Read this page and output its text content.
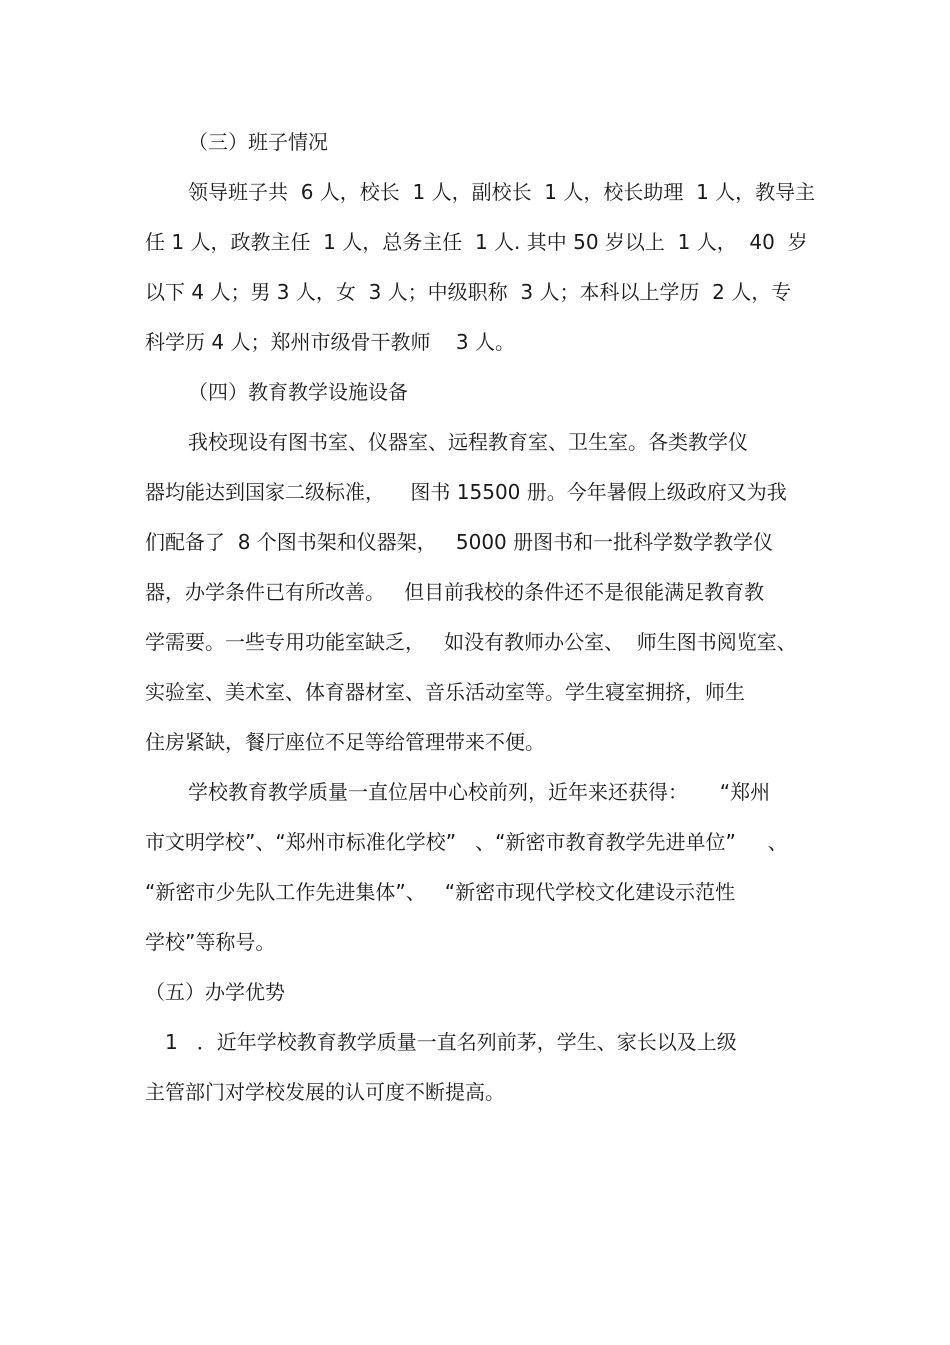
（三）班子情况
领导班子共  6 人，校长  1 人，副校长  1 人，校长助理  1 人，教导主
任 1 人，政教主任  1 人，总务主任  1 人. 其中 50 岁以上  1 人，  40  岁
以下 4 人；男 3 人，女  3 人；中级职称  3 人；本科以上学历  2 人，专
科学历 4 人；郑州市级骨干教师    3 人。
（四）教育教学设施设备
我校现设有图书室、仪器室、远程教育室、卫生室。各类教学仪
器均能达到国家二级标准，    图书 15500 册。今年暑假上级政府又为我
们配备了  8 个图书架和仪器架，   5000 册图书和一批科学数学教学仪
器，办学条件已有所改善。   但目前我校的条件还不是很能满足教育教
学需要。一些专用功能室缺乏，   如没有教师办公室、  师生图书阅览室、
实验室、美术室、体育器材室、音乐活动室等。学生寝室拥挤，师生
住房紧缺，餐厅座位不足等给管理带来不便。
学校教育教学质量一直位居中心校前列，近年来还获得：     “郑州
市文明学校”、“郑州市标准化学校”   、“新密市教育教学先进单位”     、
“新密市少先队工作先进集体”、   “新密市现代学校文化建设示范性
学校”等称号。
（五）办学优势
1   ．近年学校教育教学质量一直名列前茅，学生、家长以及上级
主管部门对学校发展的认可度不断提高。
